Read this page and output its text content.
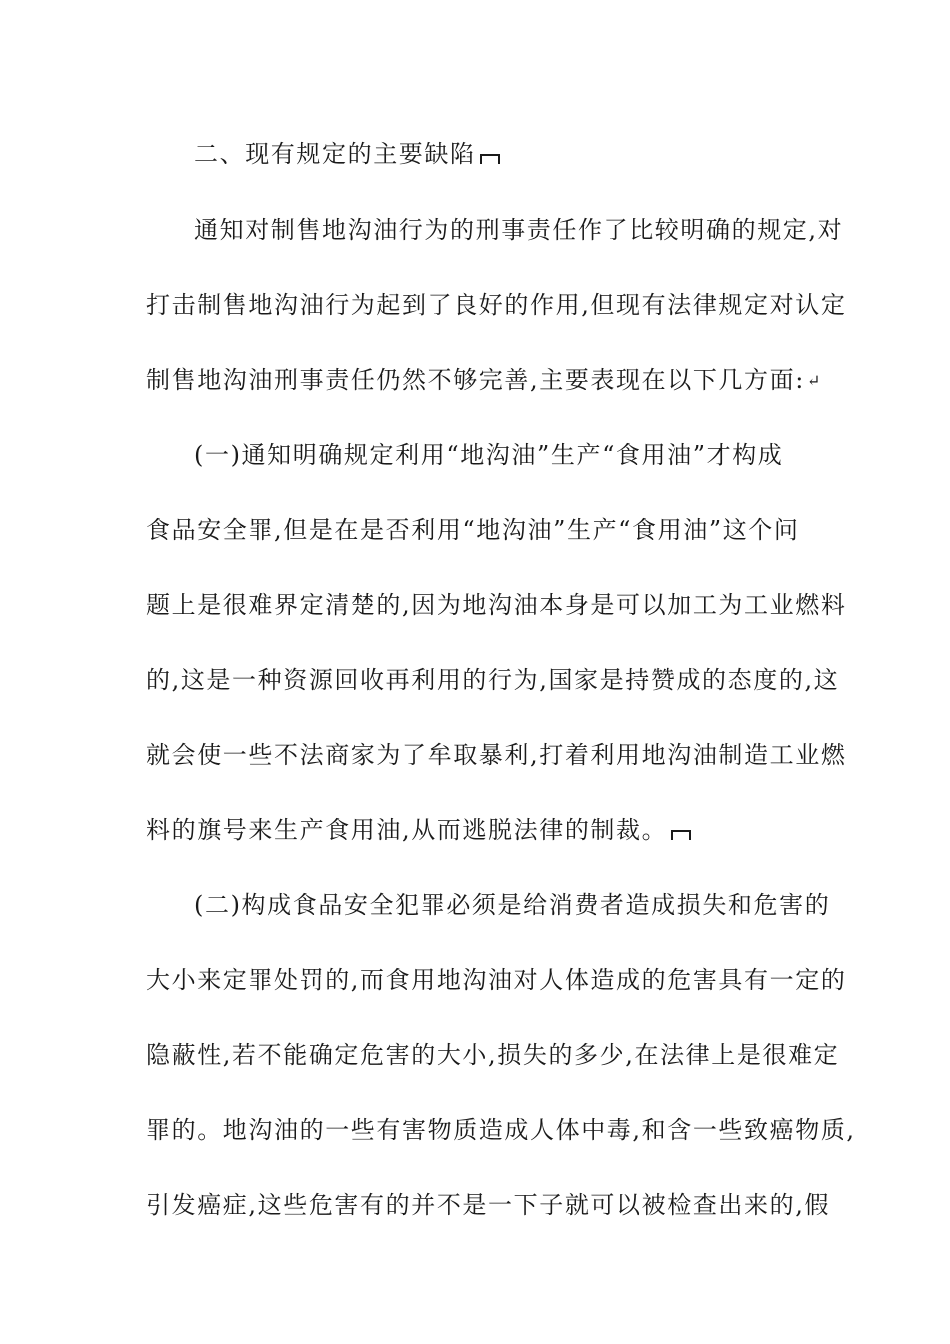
二、现有规定的主要缺陷
通知对制售地沟油行为的刑事责任作了比较明确的规定,对
打击制售地沟油行为起到了良好的作用,但现有法律规定对认定
制售地沟油刑事责任仍然不够完善,主要表现在以下几方面: ↵
(一)通知明确规定利用“地沟油”生产“食用油”才构成
食品安全罪,但是在是否利用“地沟油”生产“食用油”这个问
题上是很难界定清楚的,因为地沟油本身是可以加工为工业燃料
的,这是一种资源回收再利用的行为,国家是持赞成的态度的,这
就会使一些不法商家为了牟取暴利,打着利用地沟油制造工业燃
料的旗号来生产食用油,从而逃脱法律的制裁。
(二)构成食品安全犯罪必须是给消费者造成损失和危害的
大小来定罪处罚的,而食用地沟油对人体造成的危害具有一定的
隐蔽性,若不能确定危害的大小,损失的多少,在法律上是很难定
罪的。地沟油的一些有害物质造成人体中毒,和含一些致癌物质,
引发癌症,这些危害有的并不是一下子就可以被检查出来的,假
